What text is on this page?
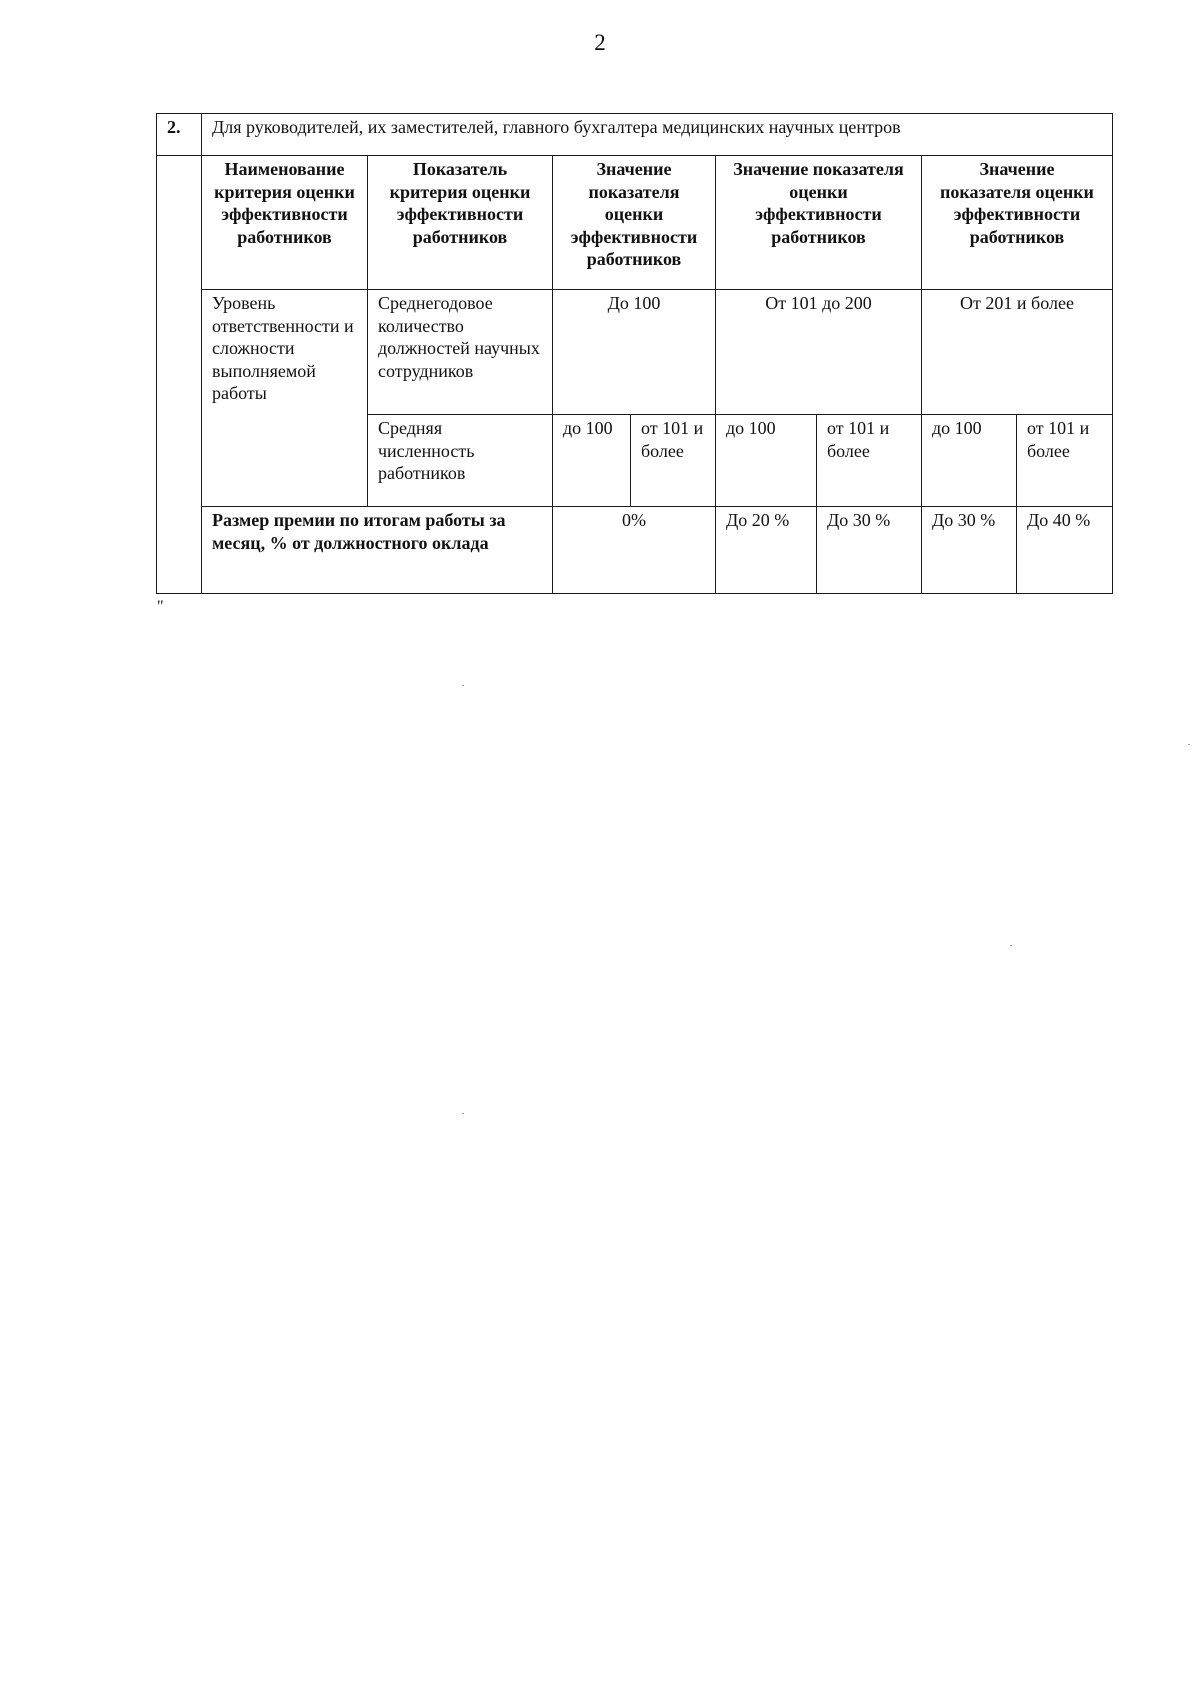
2
2.	Для руководителей, их заместителей, главного бухгалтера медицинских научных центров							
	Наименование критерия оценки эффективности работников	Показатель критерия оценки эффективности работников	Значение показателя оценки эффективности работников		Значение показателя оценки эффективности работников		Значение показателя оценки эффективности работников	
	Уровень ответственности и сложности выполняемой работы	Среднегодовое количество должностей научных сотрудников	До 100		От 101 до 200		От 201 и более	
		Средняя численность работников	до 100	от 101 и более	до 100	от 101 и более	до 100	от 101 и более
	Размер премии по итогам работы за месяц, % от должностного оклада		0%		До 20 %	До 30 %	До 30 %	До 40 %
"
